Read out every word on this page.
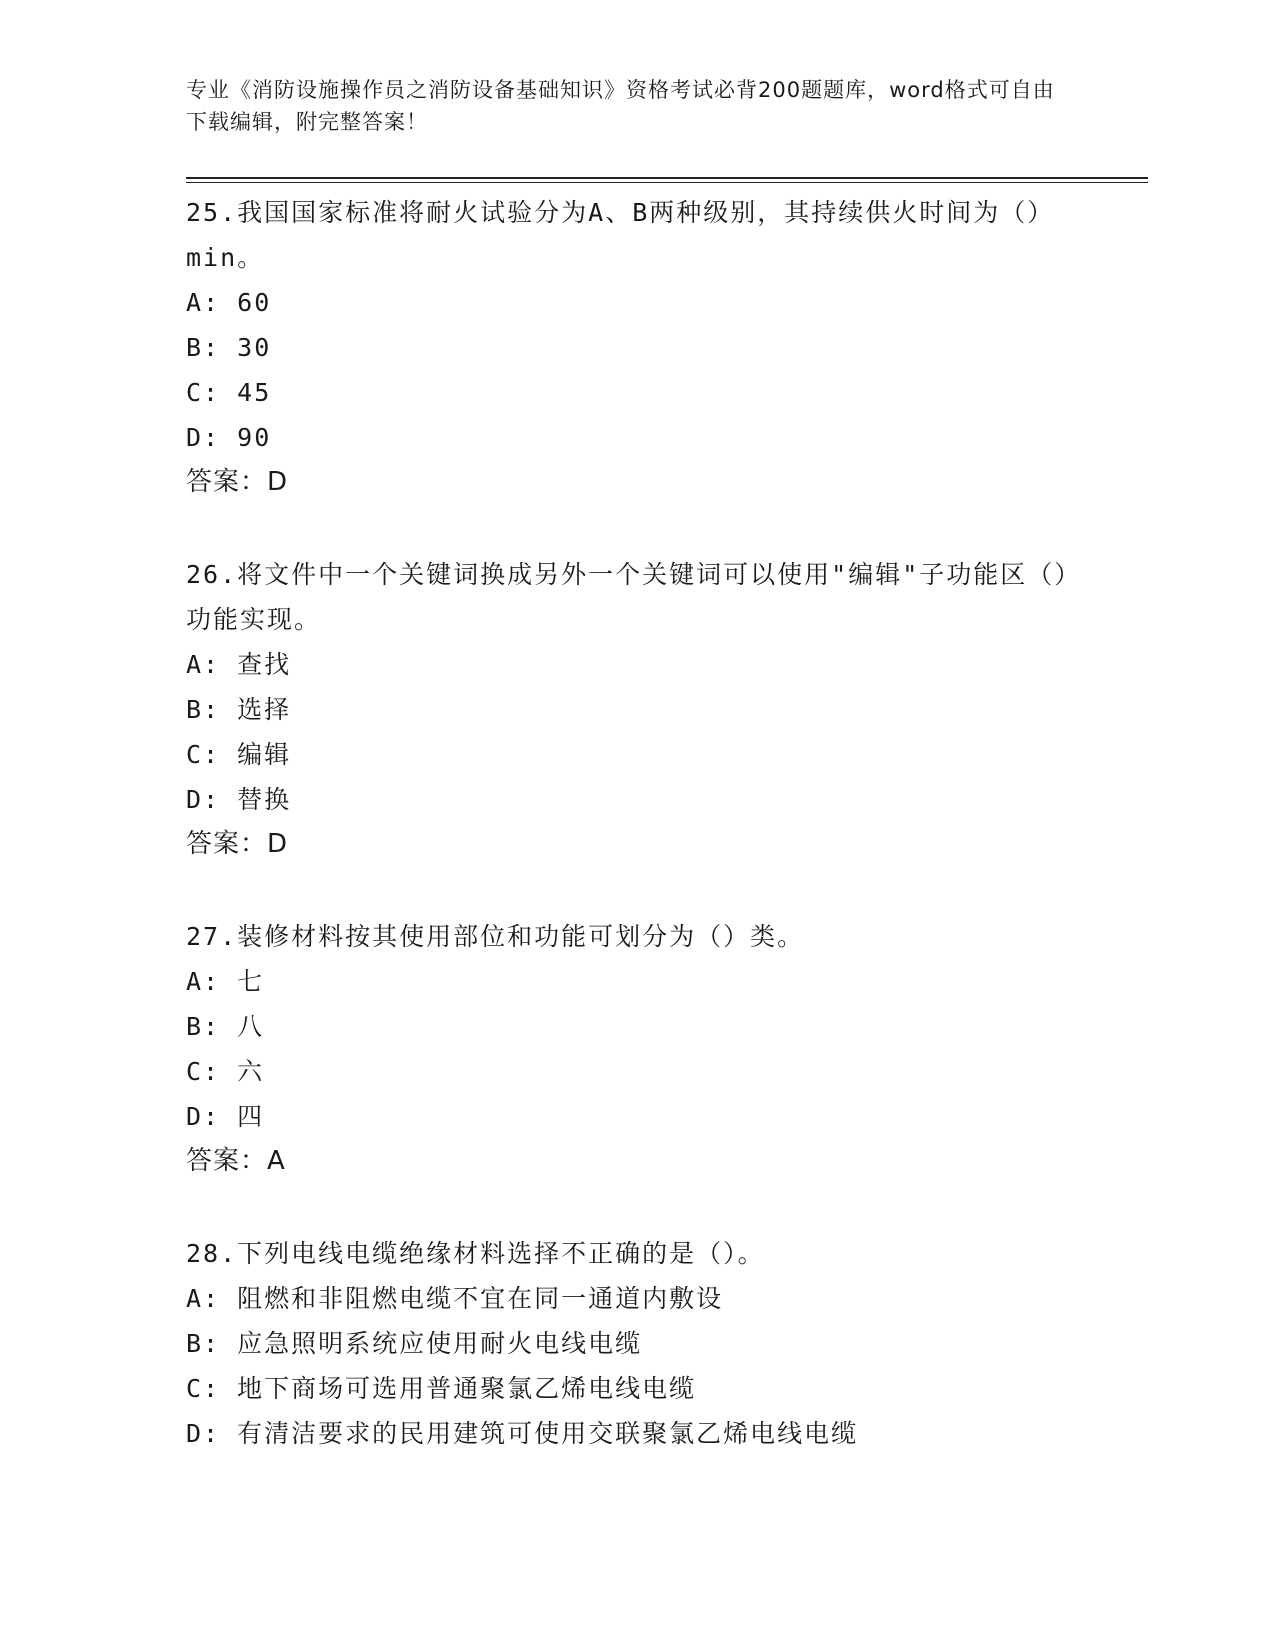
专业《消防设施操作员之消防设备基础知识》资格考试必背200题题库，word格式可自由下载编辑，附完整答案！
25.我国国家标准将耐火试验分为A、B两种级别，其持续供火时间为（）min。
A: 60
B: 30
C: 45
D: 90
答案：D
26.将文件中一个关键词换成另外一个关键词可以使用"编辑"子功能区（）功能实现。
A: 查找
B: 选择
C: 编辑
D: 替换
答案：D
27.装修材料按其使用部位和功能可划分为（）类。
A: 七
B: 八
C: 六
D: 四
答案：A
28.下列电线电缆绝缘材料选择不正确的是（）。
A: 阻燃和非阻燃电缆不宜在同一通道内敷设
B: 应急照明系统应使用耐火电线电缆
C: 地下商场可选用普通聚氯乙烯电线电缆
D: 有清洁要求的民用建筑可使用交联聚氯乙烯电线电缆
